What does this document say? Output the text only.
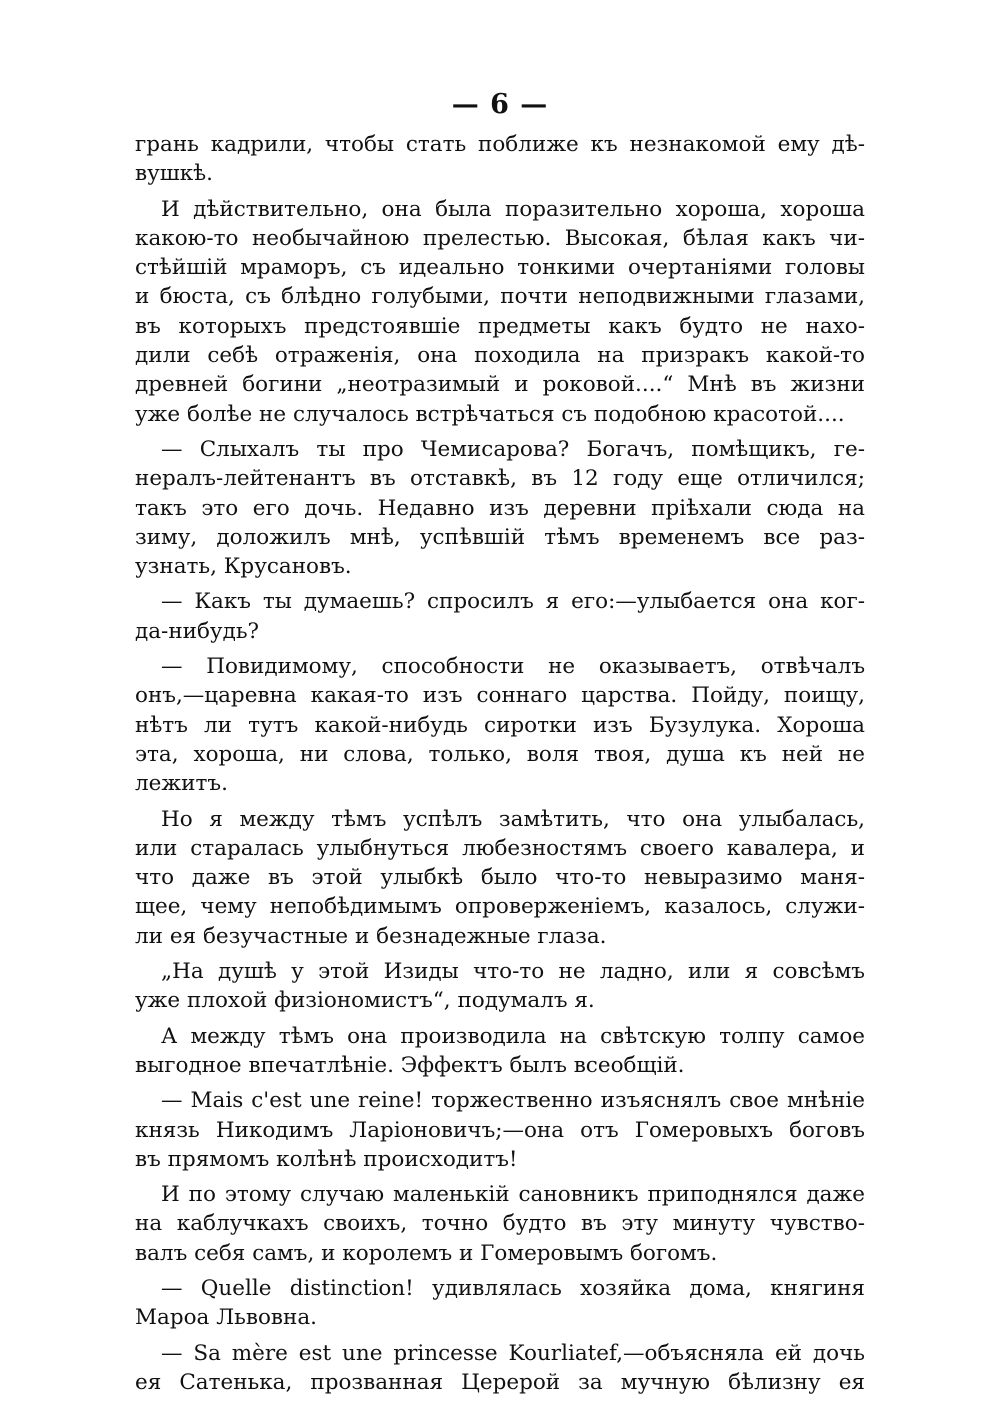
— 6 —
грань кадрили, чтобы стать поближе къ незнакомой ему дѣ-
вушкѣ.
И дѣйствительно, она была поразительно хороша, хороша
какою-то необычайною прелестью. Высокая, бѣлая какъ чи-
стѣйшій мраморъ, съ идеально тонкими очертаніями головы
и бюста, съ блѣдно голубыми, почти неподвижными глазами,
въ которыхъ предстоявшіе предметы какъ будто не нахо-
дили себѣ отраженія, она походила на призракъ какой-то
древней богини „неотразимый и роковой....“ Мнѣ въ жизни
уже болѣе не случалось встрѣчаться съ подобною красотой....
— Слыхалъ ты про Чемисарова? Богачъ, помѣщикъ, ге-
нералъ-лейтенантъ въ отставкѣ, въ 12 году еще отличился;
такъ это его дочь. Недавно изъ деревни пріѣхали сюда на
зиму, доложилъ мнѣ, успѣвшій тѣмъ временемъ все раз-
узнать, Крусановъ.
— Какъ ты думаешь? спросилъ я его:—улыбается она ког-
да-нибудь?
— Повидимому, способности не оказываетъ, отвѣчалъ
онъ,—царевна какая-то изъ соннаго царства. Пойду, поищу,
нѣтъ ли тутъ какой-нибудь сиротки изъ Бузулука. Хороша
эта, хороша, ни слова, только, воля твоя, душа къ ней не
лежитъ.
Но я между тѣмъ успѣлъ замѣтить, что она улыбалась,
или старалась улыбнуться любезностямъ своего кавалера, и
что даже въ этой улыбкѣ было что-то невыразимо маня-
щее, чему непобѣдимымъ опроверженіемъ, казалось, служи-
ли ея безучастные и безнадежные глаза.
„На душѣ у этой Изиды что-то не ладно, или я совсѣмъ
уже плохой физіономистъ“, подумалъ я.
А между тѣмъ она производила на свѣтскую толпу самое
выгодное впечатлѣніе. Эффектъ былъ всеобщій.
— Mais c'est une reine! торжественно изъяснялъ свое мнѣніе
князь Никодимъ Ларіоновичъ;—она отъ Гомеровыхъ боговъ
въ прямомъ колѣнѣ происходитъ!
И по этому случаю маленькій сановникъ приподнялся даже
на каблучкахъ своихъ, точно будто въ эту минуту чувство-
валъ себя самъ, и королемъ и Гомеровымъ богомъ.
— Quelle distinction! удивлялась хозяйка дома, княгиня
Мароа Львовна.
— Sa mère est une princesse Kourliatef,—объясняла ей дочь
ея Сатенька, прозванная Церерой за мучную бѣлизну ея
